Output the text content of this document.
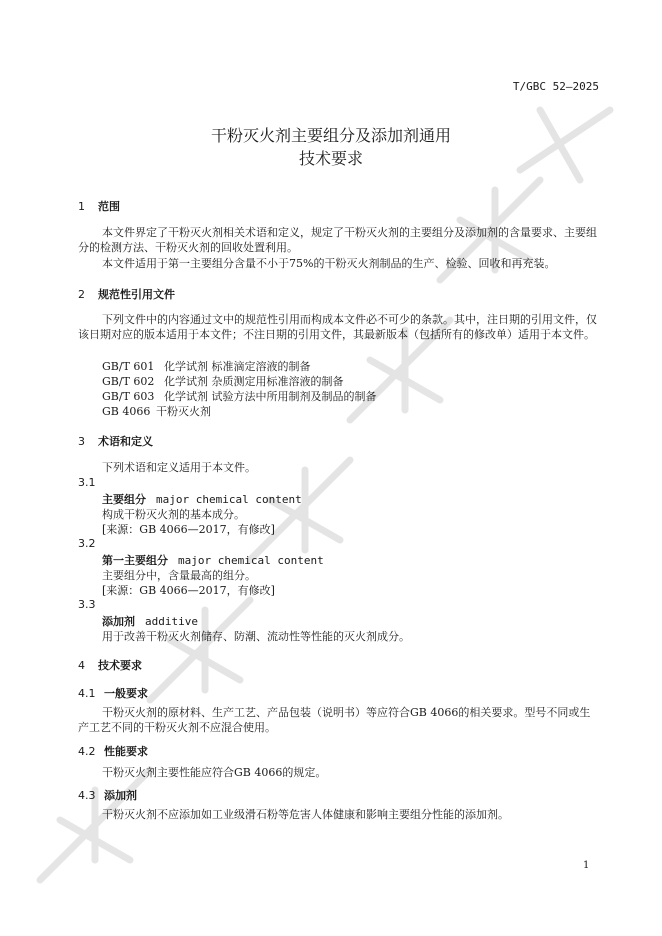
T/GBC 52—2025
干粉灭火剂主要组分及添加剂通用
技术要求
1 范围
本文件界定了干粉灭火剂相关术语和定义，规定了干粉灭火剂的主要组分及添加剂的含量要求、主要组分的检测方法、干粉灭火剂的回收处置利用。
本文件适用于第一主要组分含量不小于75%的干粉灭火剂制品的生产、检验、回收和再充装。
2 规范性引用文件
下列文件中的内容通过文中的规范性引用而构成本文件必不可少的条款。其中，注日期的引用文件，仅该日期对应的版本适用于本文件；不注日期的引用文件，其最新版本（包括所有的修改单）适用于本文件。
GB/T 601 化学试剂 标准滴定溶液的制备
GB/T 602 化学试剂 杂质测定用标准溶液的制备
GB/T 603 化学试剂 试验方法中所用制剂及制品的制备
GB 4066 干粉灭火剂
3 术语和定义
下列术语和定义适用于本文件。
3.1
主要组分 major chemical content
构成干粉灭火剂的基本成分。
[来源：GB 4066—2017，有修改]
3.2
第一主要组分 major chemical content
主要组分中，含量最高的组分。
[来源：GB 4066—2017，有修改]
3.3
添加剂 additive
用于改善干粉灭火剂储存、防潮、流动性等性能的灭火剂成分。
4 技术要求
4.1 一般要求
干粉灭火剂的原材料、生产工艺、产品包装（说明书）等应符合GB 4066的相关要求。型号不同或生产工艺不同的干粉灭火剂不应混合使用。
4.2 性能要求
干粉灭火剂主要性能应符合GB 4066的规定。
4.3 添加剂
干粉灭火剂不应添加如工业级滑石粉等危害人体健康和影响主要组分性能的添加剂。
1
